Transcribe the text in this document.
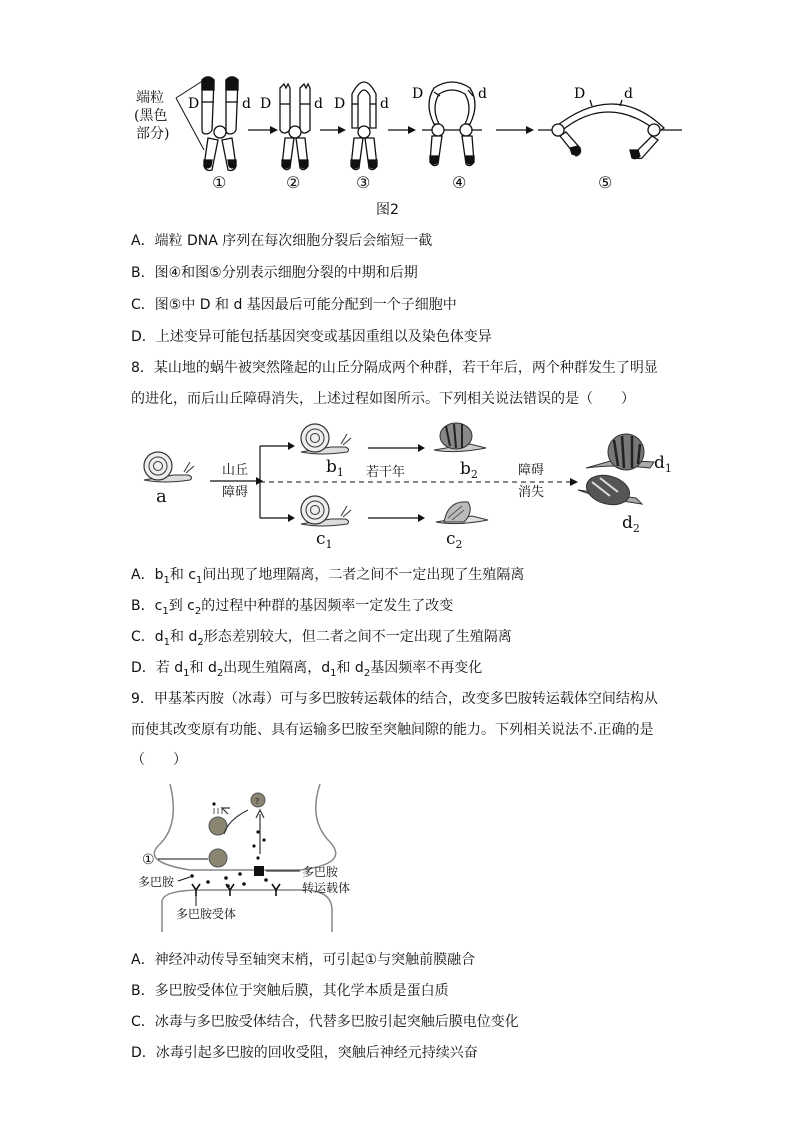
端粒
(黑色
部分)
D	d D	d D d
D	d	D	d
①	②	③	④	⑤
图2
A．端粒 DNA 序列在每次细胞分裂后会缩短一截
B．图④和图⑤分别表示细胞分裂的中期和后期
C．图⑤中 D 和 d 基因最后可能分配到一个子细胞中
D．上述变异可能包括基因突变或基因重组以及染色体变异
8．某山地的蜗牛被突然隆起的山丘分隔成两个种群，若干年后，两个种群发生了明显
的进化，而后山丘障碍消失，上述过程如图所示。下列相关说法错误的是（　　）
a
山丘
障碍
$b_1$ 若干年	$b_2$	障碍
消失
$d_1$
$d_2$
$c_1$	$c_2$
A．$b_1$和 $c_1$间出现了地理隔离，二者之间不一定出现了生殖隔离
B．$c_1$到 $c_2$的过程中种群的基因频率一定发生了改变
C．$d_1$和 $d_2$形态差别较大，但二者之间不一定出现了生殖隔离
D．若 $d_1$和 $d_2$出现生殖隔离，$d_1$和 $d_2$基因频率不再变化
9．甲基苯丙胺（冰毒）可与多巴胺转运载体的结合，改变多巴胺转运载体空间结构从
而使其改变原有功能、具有运输多巴胺至突触间隙的能力。下列相关说法不.正确的是
（　　）
?
①
多巴胺
多巴胺
转运载体
多巴胺受体
A．神经冲动传导至轴突末梢，可引起①与突触前膜融合
B．多巴胺受体位于突触后膜，其化学本质是蛋白质
C．冰毒与多巴胺受体结合，代替多巴胺引起突触后膜电位变化
D．冰毒引起多巴胺的回收受阻，突触后神经元持续兴奋
